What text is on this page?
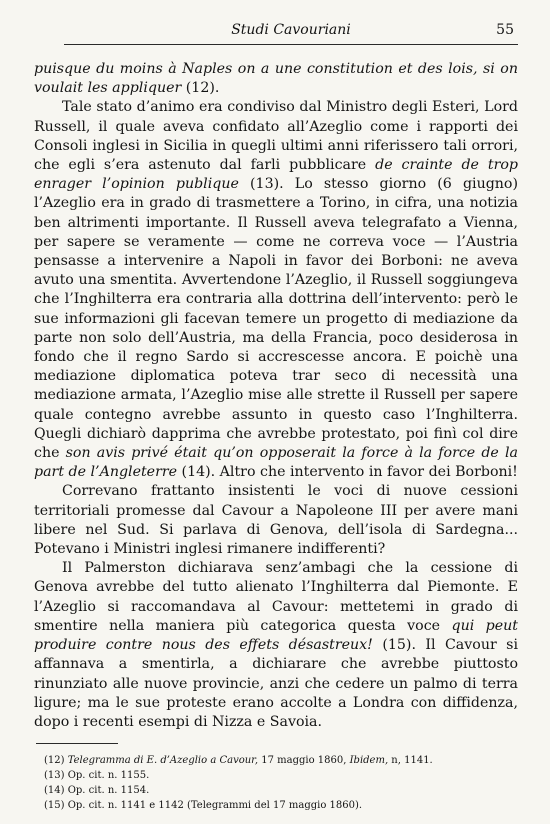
Studi Cavouriani	55

puisque du moins à Naples on a une constitution et des lois, si on voulait les appliquer (12).

Tale stato d’animo era condiviso dal Ministro degli Esteri, Lord Russell, il quale aveva confidato all’Azeglio come i rapporti dei Consoli inglesi in Sicilia in quegli ultimi anni riferissero tali orrori, che egli s’era astenuto dal farli pubblicare de crainte de trop enrager l’opinion publique (13). Lo stesso giorno (6 giugno) l’Azeglio era in grado di trasmettere a Torino, in cifra, una notizia ben altrimenti importante. Il Russell aveva telegrafato a Vienna, per sapere se veramente — come ne correva voce — l’Austria pensasse a intervenire a Napoli in favor dei Borboni: ne aveva avuto una smentita. Avvertendone l’Azeglio, il Russell soggiungeva che l’Inghilterra era contraria alla dottrina dell’intervento: però le sue informazioni gli facevan temere un progetto di mediazione da parte non solo dell’Austria, ma della Francia, poco desiderosa in fondo che il regno Sardo si accrescesse ancora. E poichè una mediazione diplomatica poteva trar seco di necessità una mediazione armata, l’Azeglio mise alle strette il Russell per sapere quale contegno avrebbe assunto in questo caso l’Inghilterra. Quegli dichiarò dapprima che avrebbe protestato, poi finì col dire che son avis privé était qu’on opposerait la force à la force de la part de l’Angleterre (14). Altro che intervento in favor dei Borboni!

Correvano frattanto insistenti le voci di nuove cessioni territoriali promesse dal Cavour a Napoleone III per avere mani libere nel Sud. Si parlava di Genova, dell’isola di Sardegna... Potevano i Ministri inglesi rimanere indifferenti?

Il Palmerston dichiarava senz’ambagi che la cessione di Genova avrebbe del tutto alienato l’Inghilterra dal Piemonte. E l’Azeglio si raccomandava al Cavour: mettetemi in grado di smentire nella maniera più categorica questa voce qui peut produire contre nous des effets désastreux! (15). Il Cavour si affannava a smentirla, a dichiarare che avrebbe piuttosto rinunziato alle nuove provincie, anzi che cedere un palmo di terra ligure; ma le sue proteste erano accolte a Londra con diffidenza, dopo i recenti esempi di Nizza e Savoia.

(12) Telegramma di E. d’Azeglio a Cavour, 17 maggio 1860, Ibidem, n, 1141.
(13) Op. cit. n. 1155.
(14) Op. cit. n. 1154.
(15) Op. cit. n. 1141 e 1142 (Telegrammi del 17 maggio 1860).
